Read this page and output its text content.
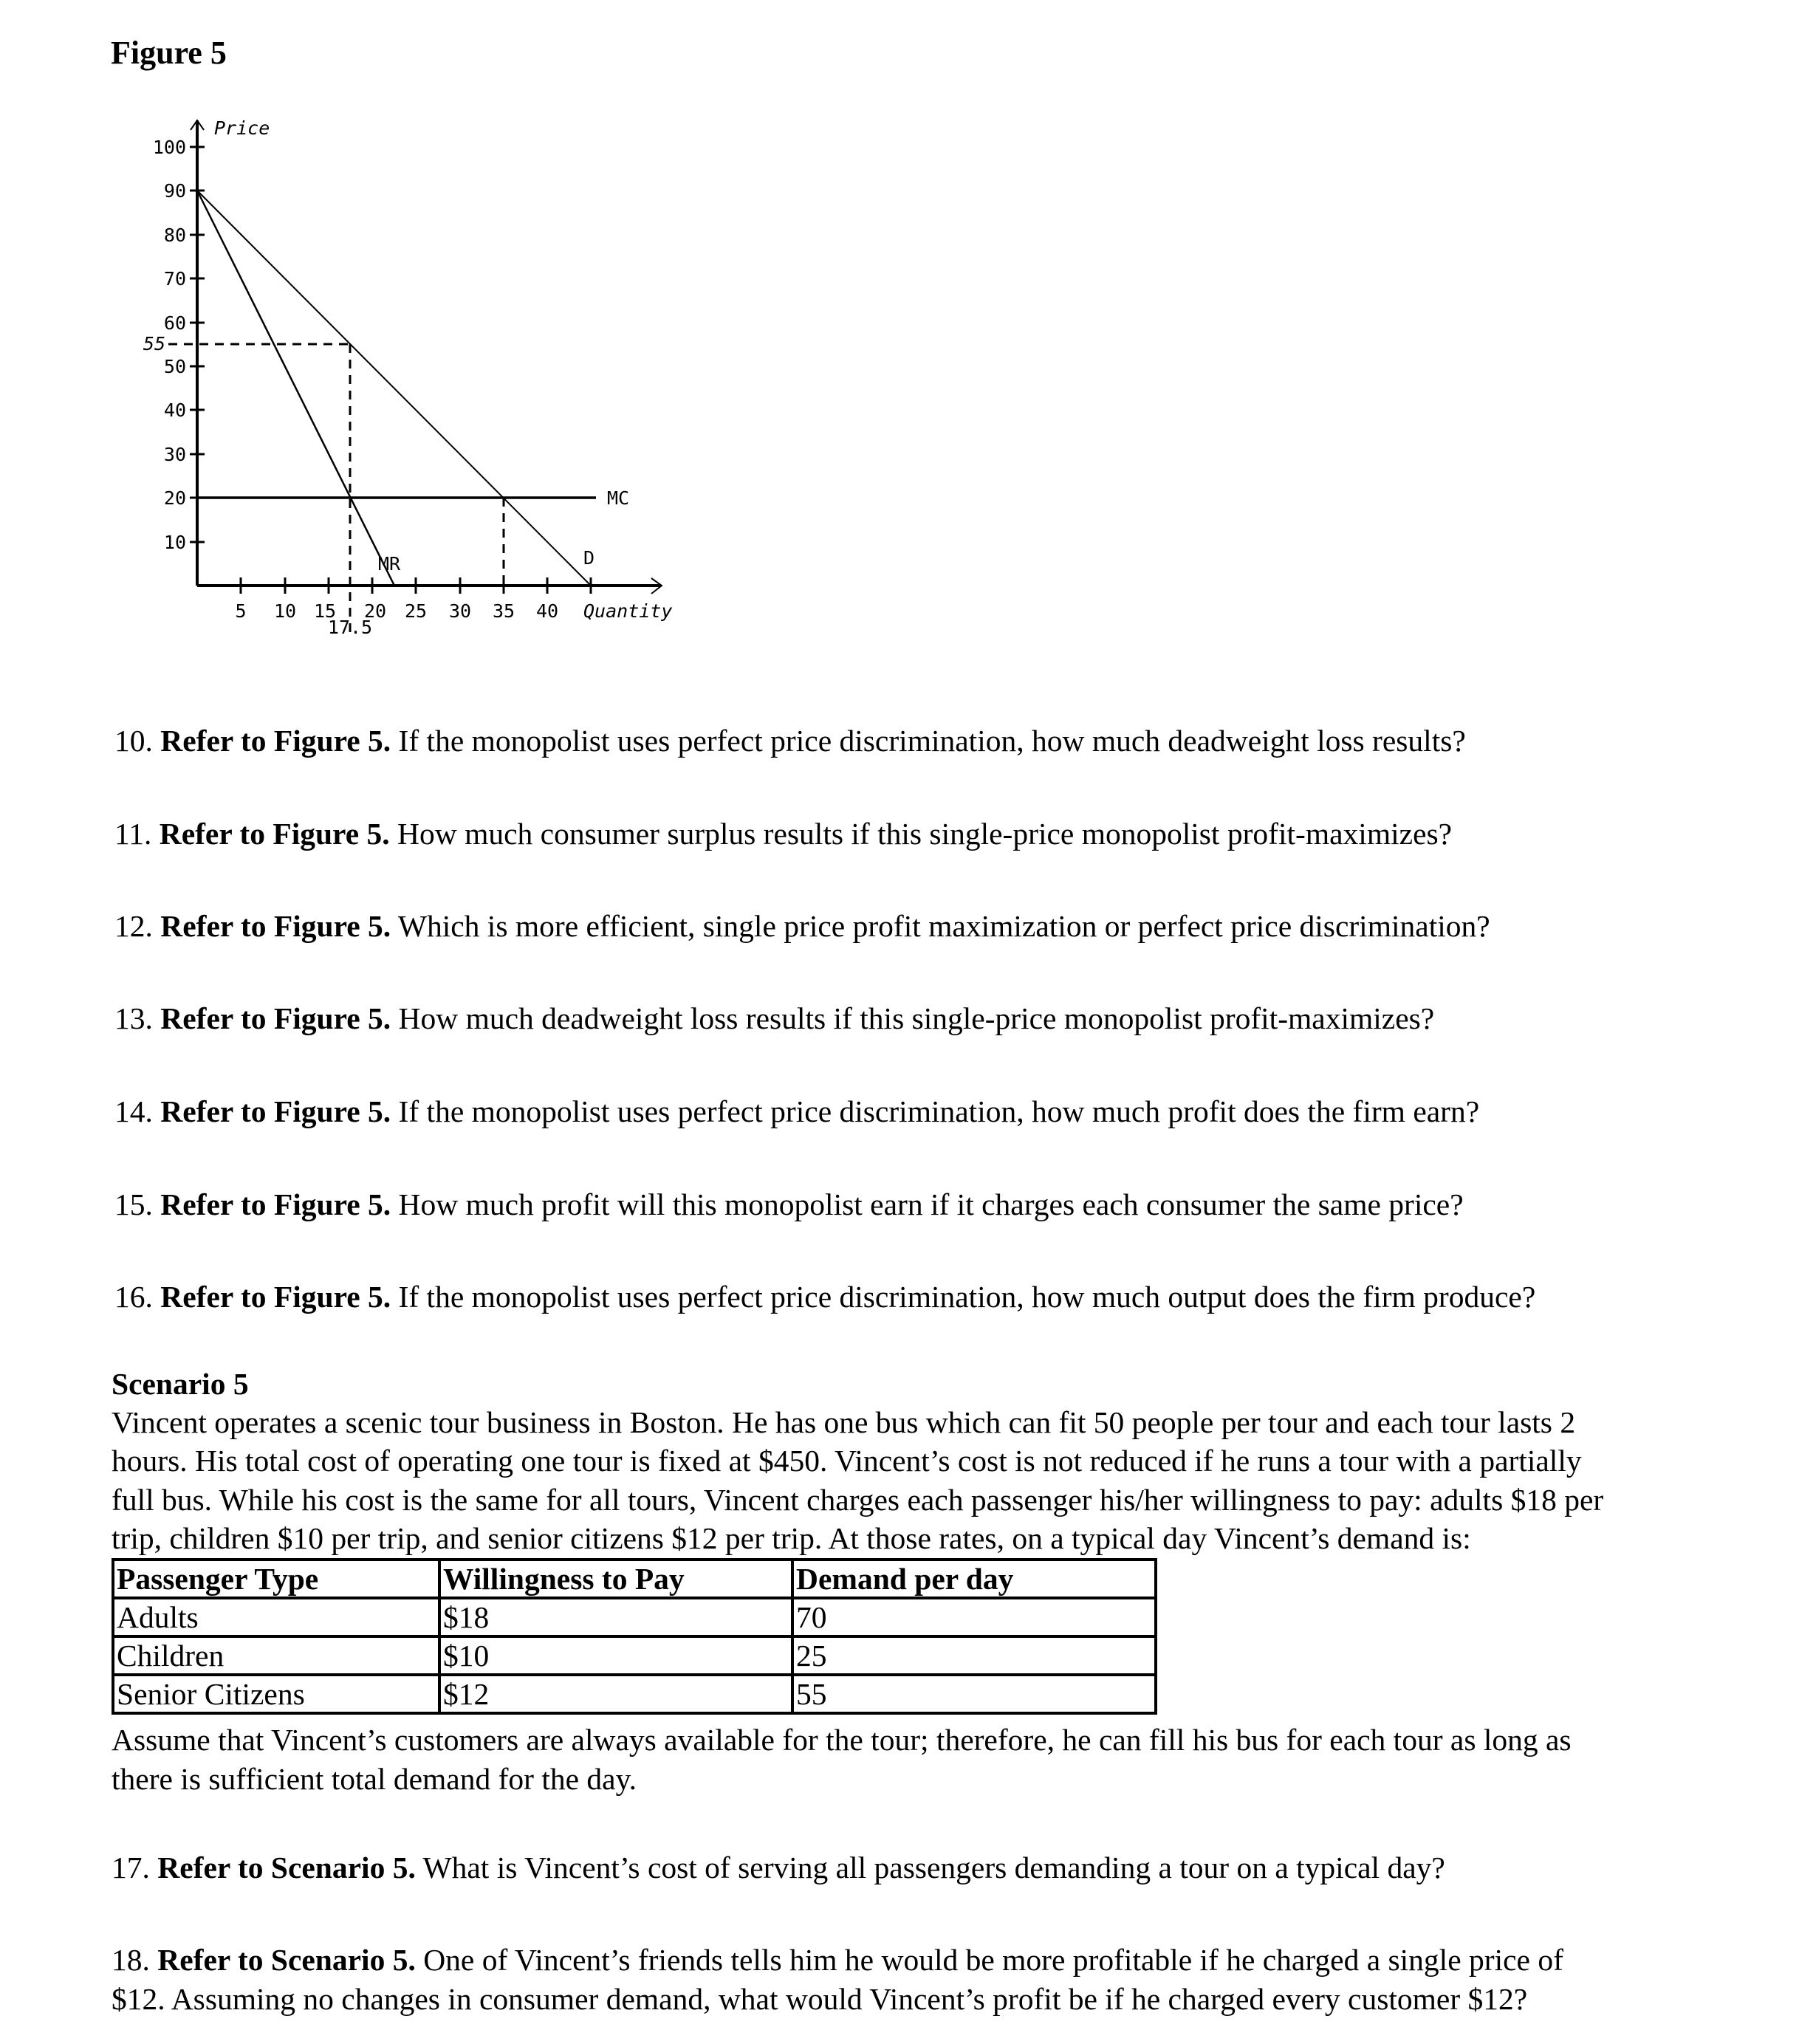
Figure 5
100
90
80
70
60
50
40
30
20
10
55
5 10 15 20 25 30 35 40
17.5
Price
Quantity
MC
D
MR
10. Refer to Figure 5. If the monopolist uses perfect price discrimination, how much deadweight loss results?
11. Refer to Figure 5. How much consumer surplus results if this single-price monopolist profit-maximizes?
12. Refer to Figure 5. Which is more efficient, single price profit maximization or perfect price discrimination?
13. Refer to Figure 5. How much deadweight loss results if this single-price monopolist profit-maximizes?
14. Refer to Figure 5. If the monopolist uses perfect price discrimination, how much profit does the firm earn?
15. Refer to Figure 5. How much profit will this monopolist earn if it charges each consumer the same price?
16. Refer to Figure 5. If the monopolist uses perfect price discrimination, how much output does the firm produce?
Scenario 5
Vincent operates a scenic tour business in Boston. He has one bus which can fit 50 people per tour and each tour lasts 2
hours. His total cost of operating one tour is fixed at $450. Vincent’s cost is not reduced if he runs a tour with a partially
full bus. While his cost is the same for all tours, Vincent charges each passenger his/her willingness to pay: adults $18 per
trip, children $10 per trip, and senior citizens $12 per trip. At those rates, on a typical day Vincent’s demand is:
Passenger Type	Willingness to Pay	Demand per day
Adults	$18	70
Children	$10	25
Senior Citizens	$12	55
Assume that Vincent’s customers are always available for the tour; therefore, he can fill his bus for each tour as long as
there is sufficient total demand for the day.
17. Refer to Scenario 5. What is Vincent’s cost of serving all passengers demanding a tour on a typical day?
18. Refer to Scenario 5. One of Vincent’s friends tells him he would be more profitable if he charged a single price of
$12. Assuming no changes in consumer demand, what would Vincent’s profit be if he charged every customer $12?
